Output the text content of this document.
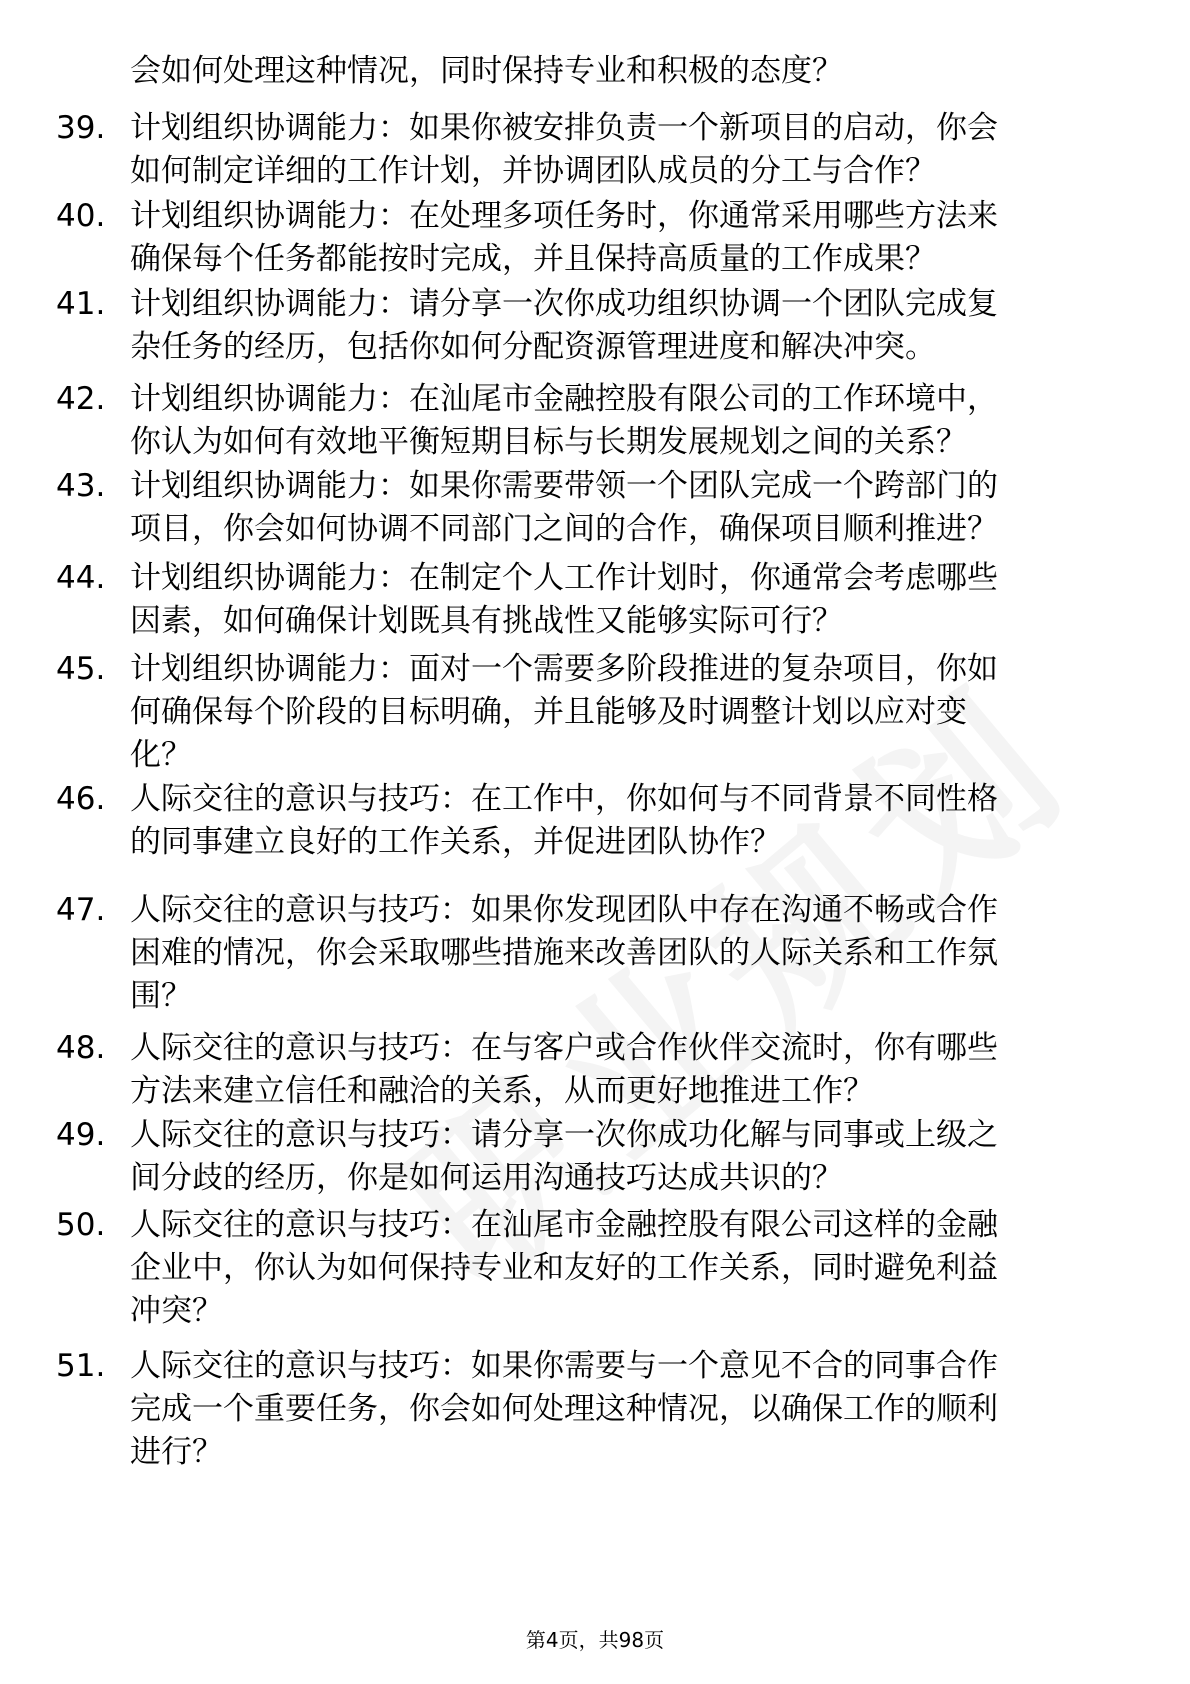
会如何处理这种情况，同时保持专业和积极的态度？
39. 计划组织协调能力：如果你被安排负责一个新项目的启动，你会
如何制定详细的工作计划，并协调团队成员的分工与合作？
40. 计划组织协调能力：在处理多项任务时，你通常采用哪些方法来
确保每个任务都能按时完成，并且保持高质量的工作成果？
41. 计划组织协调能力：请分享一次你成功组织协调一个团队完成复
杂任务的经历，包括你如何分配资源管理进度和解决冲突。
42. 计划组织协调能力：在汕尾市金融控股有限公司的工作环境中，
你认为如何有效地平衡短期目标与长期发展规划之间的关系？
43. 计划组织协调能力：如果你需要带领一个团队完成一个跨部门的
项目，你会如何协调不同部门之间的合作，确保项目顺利推进？
44. 计划组织协调能力：在制定个人工作计划时，你通常会考虑哪些
因素，如何确保计划既具有挑战性又能够实际可行？
45. 计划组织协调能力：面对一个需要多阶段推进的复杂项目，你如
何确保每个阶段的目标明确，并且能够及时调整计划以应对变
化？
46. 人际交往的意识与技巧：在工作中，你如何与不同背景不同性格
的同事建立良好的工作关系，并促进团队协作？
47. 人际交往的意识与技巧：如果你发现团队中存在沟通不畅或合作
困难的情况，你会采取哪些措施来改善团队的人际关系和工作氛
围？
48. 人际交往的意识与技巧：在与客户或合作伙伴交流时，你有哪些
方法来建立信任和融洽的关系，从而更好地推进工作？
49. 人际交往的意识与技巧：请分享一次你成功化解与同事或上级之
间分歧的经历，你是如何运用沟通技巧达成共识的？
50. 人际交往的意识与技巧：在汕尾市金融控股有限公司这样的金融
企业中，你认为如何保持专业和友好的工作关系，同时避免利益
冲突？
51. 人际交往的意识与技巧：如果你需要与一个意见不合的同事合作
完成一个重要任务，你会如何处理这种情况，以确保工作的顺利
进行？
第4页，共98页
